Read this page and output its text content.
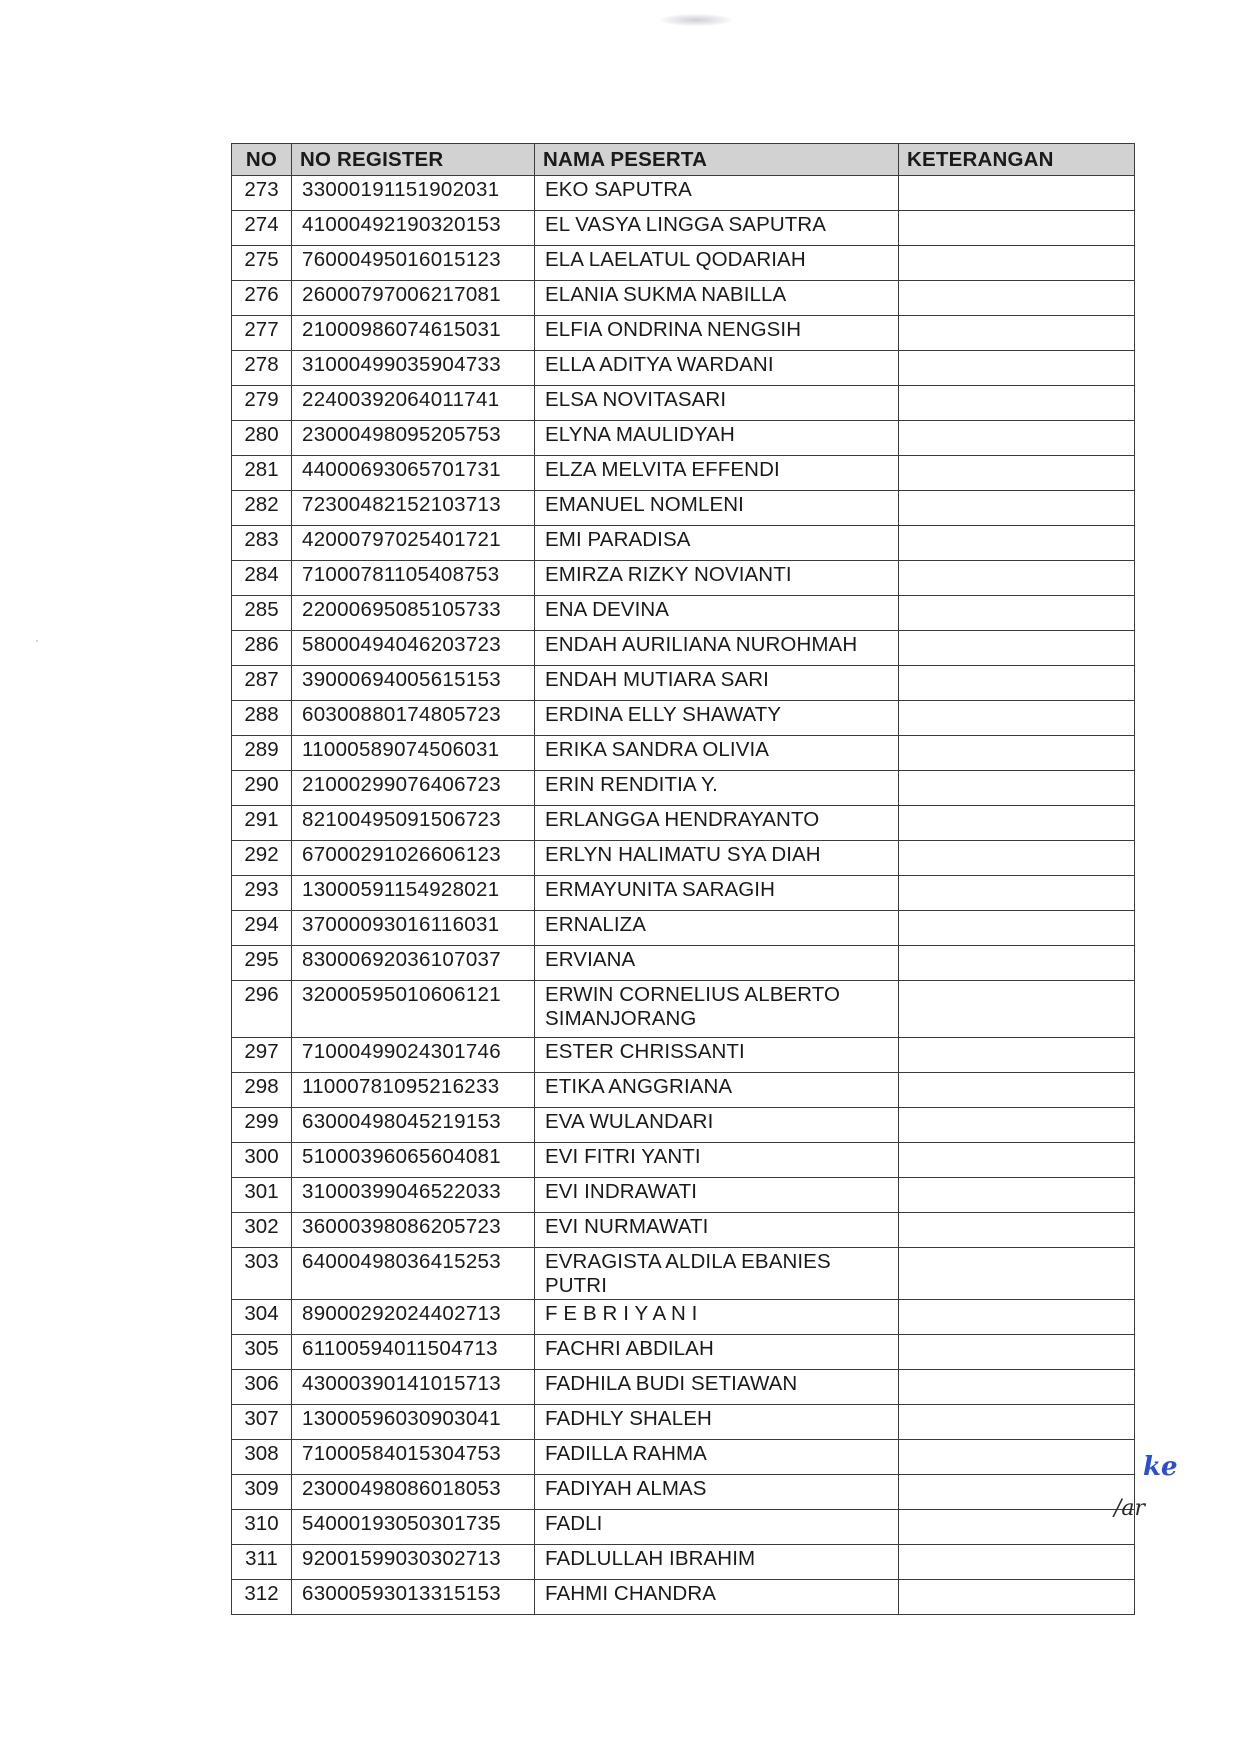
NO	NO REGISTER	NAMA PESERTA	KETERANGAN
273	33000191151902031	EKO SAPUTRA	
274	41000492190320153	EL VASYA LINGGA SAPUTRA	
275	76000495016015123	ELA LAELATUL QODARIAH	
276	26000797006217081	ELANIA SUKMA NABILLA	
277	21000986074615031	ELFIA ONDRINA NENGSIH	
278	31000499035904733	ELLA ADITYA WARDANI	
279	22400392064011741	ELSA NOVITASARI	
280	23000498095205753	ELYNA MAULIDYAH	
281	44000693065701731	ELZA MELVITA EFFENDI	
282	72300482152103713	EMANUEL NOMLENI	
283	42000797025401721	EMI PARADISA	
284	71000781105408753	EMIRZA RIZKY NOVIANTI	
285	22000695085105733	ENA DEVINA	
286	58000494046203723	ENDAH AURILIANA NUROHMAH	
287	39000694005615153	ENDAH MUTIARA SARI	
288	60300880174805723	ERDINA ELLY SHAWATY	
289	11000589074506031	ERIKA SANDRA OLIVIA	
290	21000299076406723	ERIN RENDITIA Y.	
291	82100495091506723	ERLANGGA HENDRAYANTO	
292	67000291026606123	ERLYN HALIMATU SYA DIAH	
293	13000591154928021	ERMAYUNITA SARAGIH	
294	37000093016116031	ERNALIZA	
295	83000692036107037	ERVIANA	
296	32000595010606121	ERWIN CORNELIUS ALBERTO SIMANJORANG	
297	71000499024301746	ESTER CHRISSANTI	
298	11000781095216233	ETIKA ANGGRIANA	
299	63000498045219153	EVA WULANDARI	
300	51000396065604081	EVI FITRI YANTI	
301	31000399046522033	EVI INDRAWATI	
302	36000398086205723	EVI NURMAWATI	
303	64000498036415253	EVRAGISTA ALDILA EBANIES PUTRI	
304	89000292024402713	F E B R I Y A N I	
305	61100594011504713	FACHRI ABDILAH	
306	43000390141015713	FADHILA BUDI SETIAWAN	
307	13000596030903041	FADHLY SHALEH	
308	71000584015304753	FADILLA RAHMA	
309	23000498086018053	FADIYAH ALMAS	
310	54000193050301735	FADLI	
311	92001599030302713	FADLULLAH IBRAHIM	
312	63000593013315153	FAHMI CHANDRA	
ke
/ar
